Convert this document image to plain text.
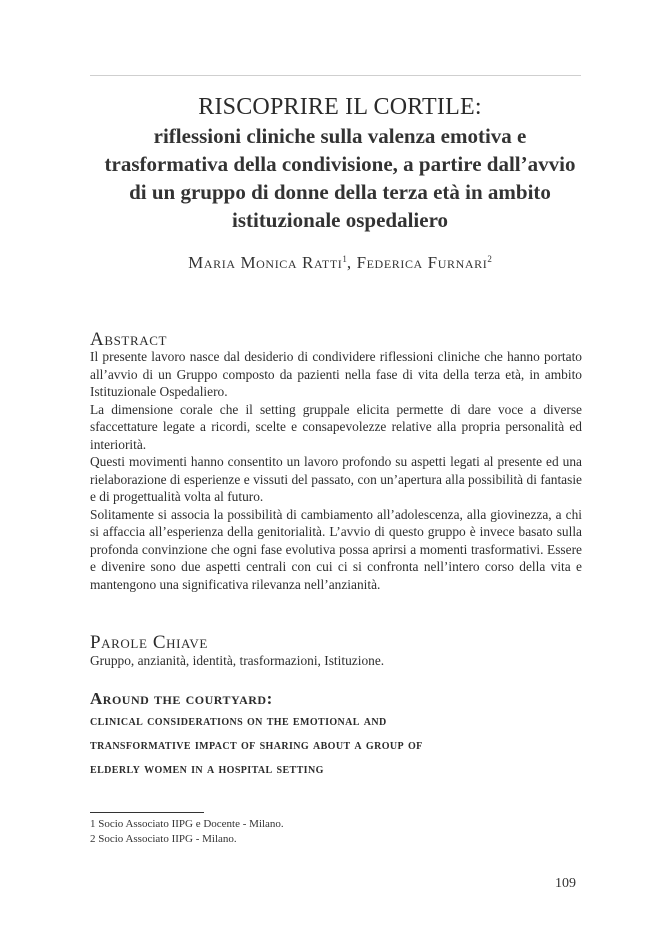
RISCOPRIRE IL CORTILE:
riflessioni cliniche sulla valenza emotiva e
trasformativa della condivisione, a partire dall’avvio
di un gruppo di donne della terza età in ambito
istituzionale ospedaliero
Maria Monica Ratti$^1$, Federica Furnari$^2$
Abstract

Il presente lavoro nasce dal desiderio di condividere riflessioni cliniche che hanno portato all’avvio di un Gruppo composto da pazienti nella fase di vita della terza età, in ambito Istituzionale Ospedaliero.

La dimensione corale che il setting gruppale elicita permette di dare voce a diverse sfaccettature legate a ricordi, scelte e consapevolezze relative alla propria personalità ed interiorità.

Questi movimenti hanno consentito un lavoro profondo su aspetti legati al presente ed una rielaborazione di esperienze e vissuti del passato, con un’apertura alla possibilità di fantasie e di progettualità volta al futuro.

Solitamente si associa la possibilità di cambiamento all’adolescenza, alla giovinezza, a chi si affaccia all’esperienza della genitorialità. L’avvio di questo gruppo è invece basato sulla profonda convinzione che ogni fase evolutiva possa aprirsi a momenti trasformativi. Essere e divenire sono due aspetti centrali con cui ci si confronta nell’intero corso della vita e mantengono una significativa rilevanza nell’anzianità.

Parole Chiave
Gruppo, anzianità, identità, trasformazioni, Istituzione.
Around the courtyard:
clinical considerations on the emotional and
transformative impact of sharing about a group of
elderly women in a hospital setting
1 Socio Associato IIPG e Docente - Milano.
2 Socio Associato IIPG - Milano.
109
